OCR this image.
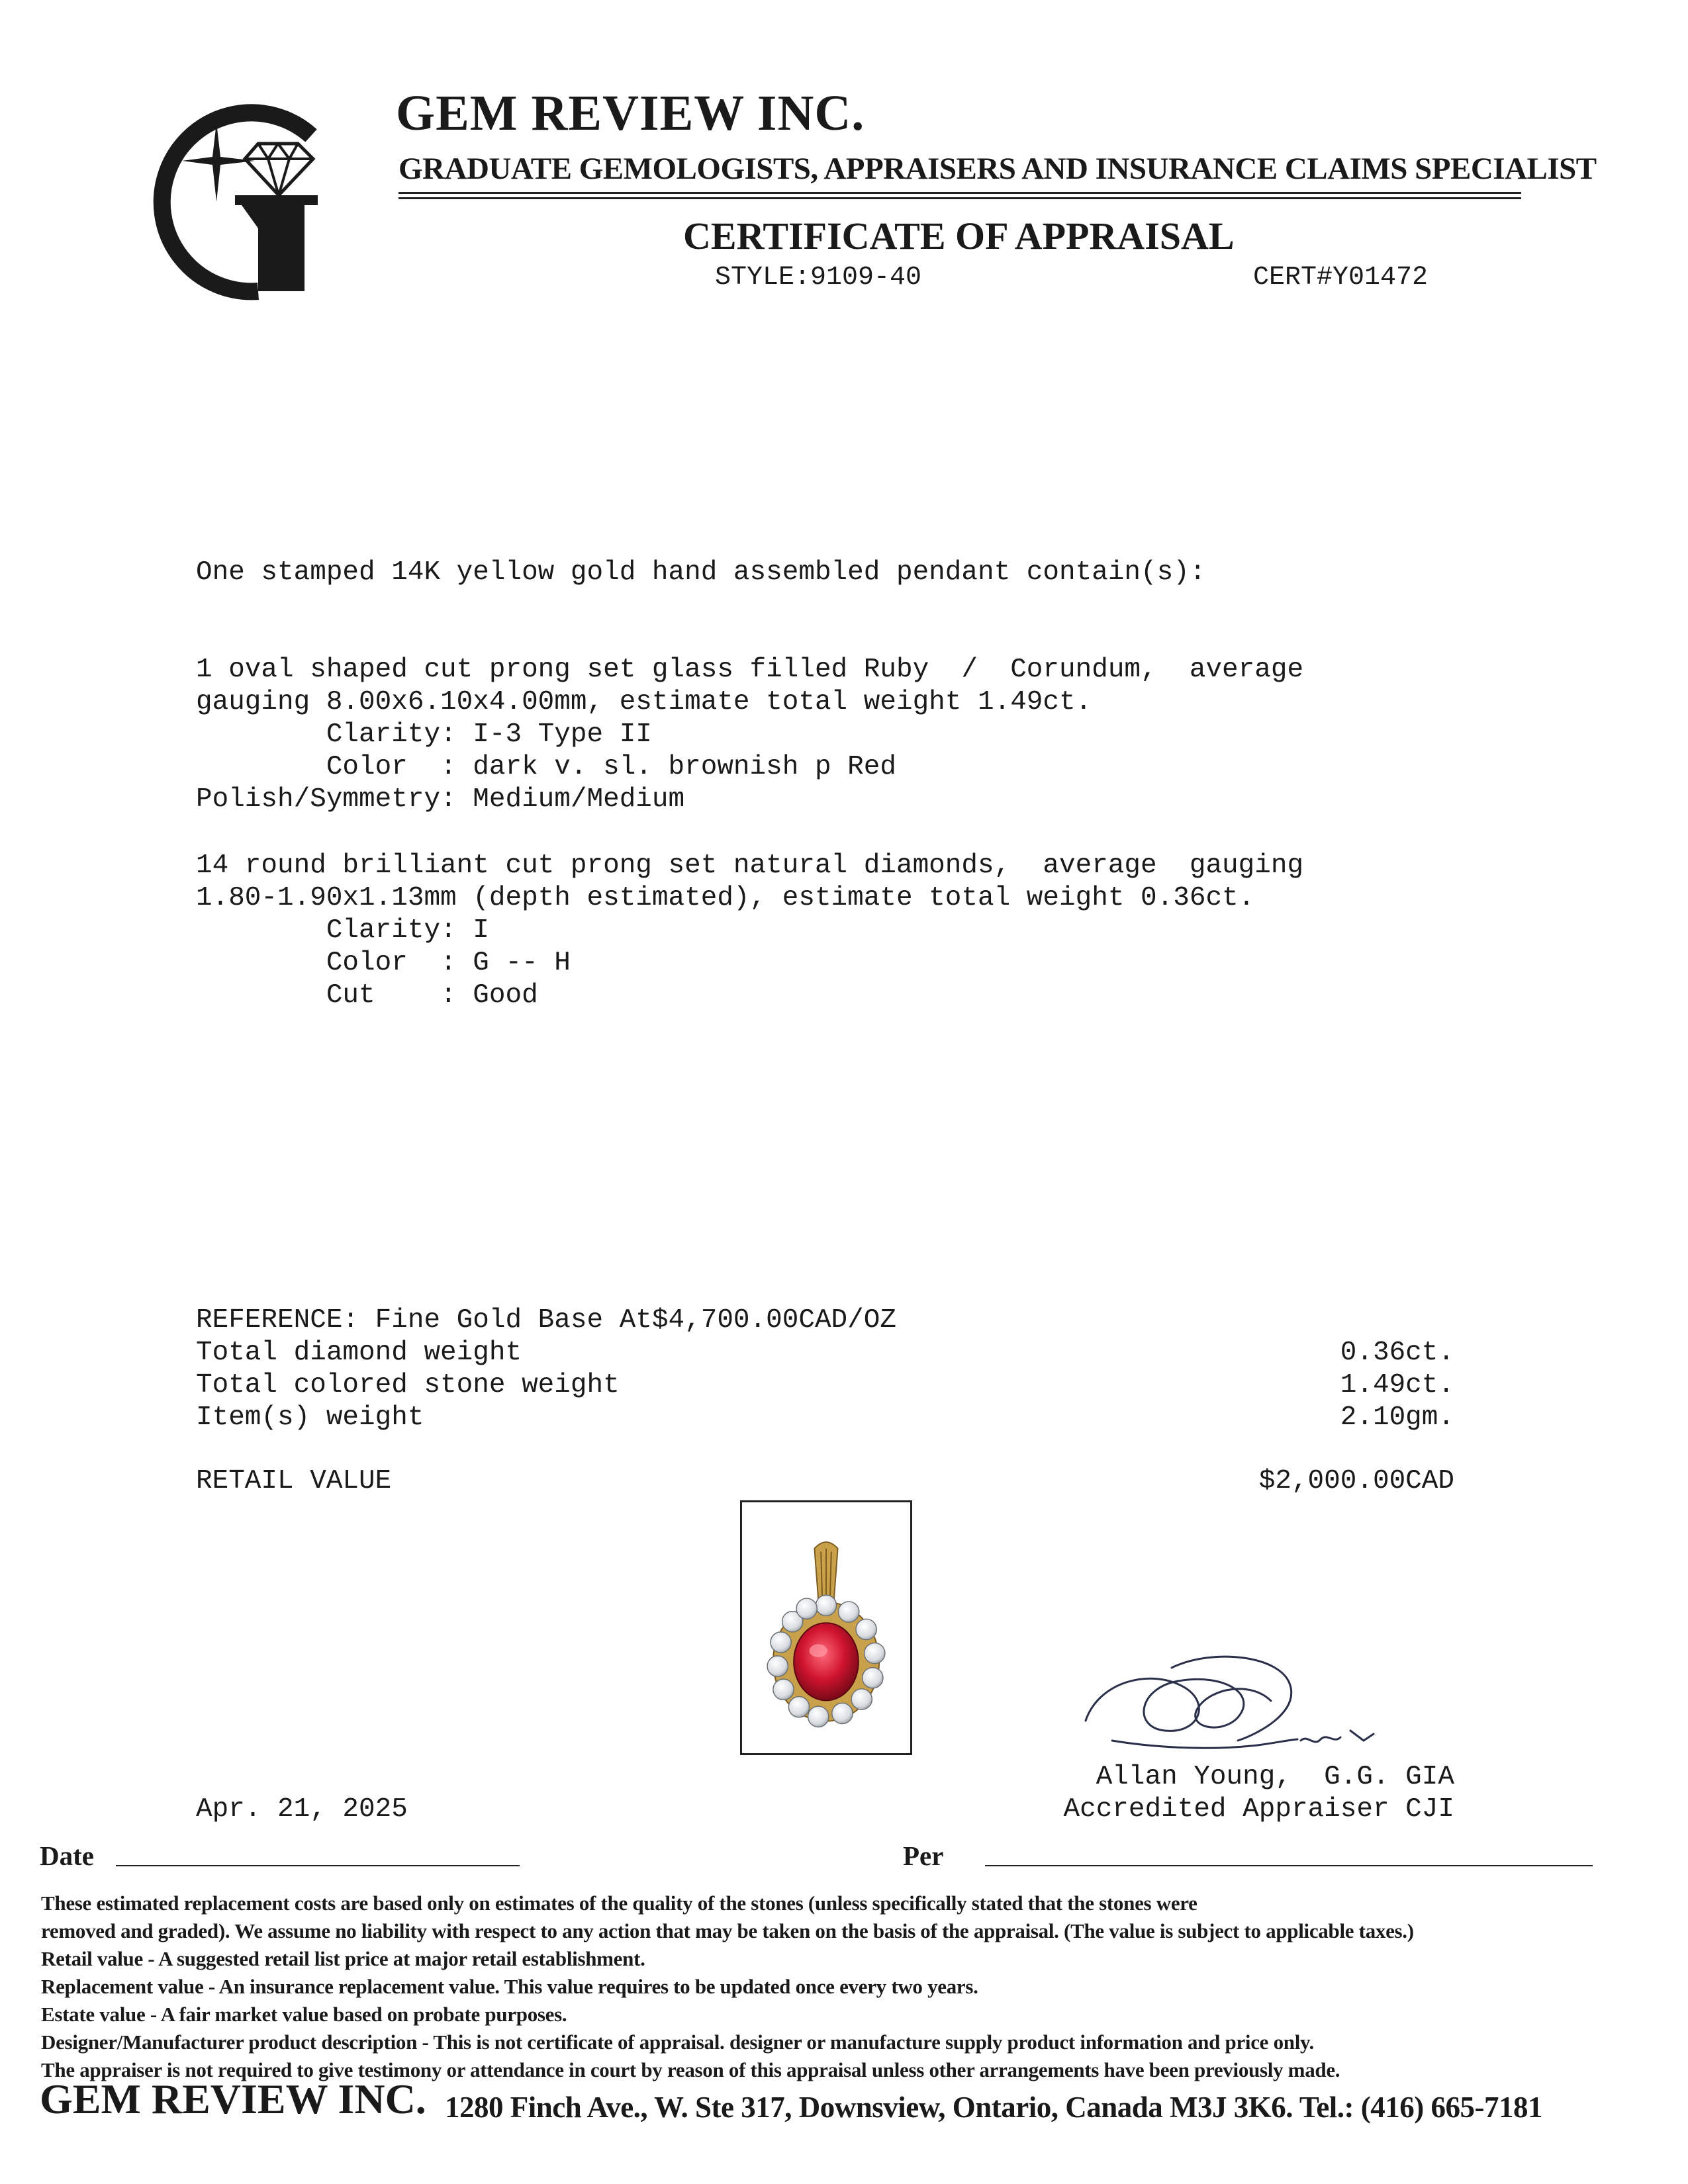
GEM REVIEW INC.
GRADUATE GEMOLOGISTS, APPRAISERS AND INSURANCE CLAIMS SPECIALIST
CERTIFICATE OF APPRAISAL
STYLE:9109-40	CERT#Y01472
One stamped 14K yellow gold hand assembled pendant contain(s):
1 oval shaped cut prong set glass filled Ruby  /  Corundum,  average
gauging 8.00x6.10x4.00mm, estimate total weight 1.49ct.
Clarity: I-3 Type II
Color  : dark v. sl. brownish p Red
Polish/Symmetry: Medium/Medium
14 round brilliant cut prong set natural diamonds,  average  gauging
1.80-1.90x1.13mm (depth estimated), estimate total weight 0.36ct.
Clarity: I
Color  : G -- H
Cut    : Good
REFERENCE: Fine Gold Base At$4,700.00CAD/OZ
Total diamond weight	0.36ct.
Total colored stone weight	1.49ct.
Item(s) weight	2.10gm.
RETAIL VALUE	$2,000.00CAD
Allan Young,  G.G. GIA
Accredited Appraiser CJI
Apr. 21, 2025
Date	Per
These estimated replacement costs are based only on estimates of the quality of the stones (unless specifically stated that the stones were
removed and graded). We assume no liability with respect to any action that may be taken on the basis of the appraisal. (The value is subject to applicable taxes.)
Retail value - A suggested retail list price at major retail establishment.
Replacement value - An insurance replacement value. This value requires to be updated once every two years.
Estate value - A fair market value based on probate purposes.
Designer/Manufacturer product description - This is not certificate of appraisal. designer or manufacture supply product information and price only.
The appraiser is not required to give testimony or attendance in court by reason of this appraisal unless other arrangements have been previously made.
GEM REVIEW INC. 1280 Finch Ave., W. Ste 317, Downsview, Ontario, Canada M3J 3K6. Tel.: (416) 665-7181
